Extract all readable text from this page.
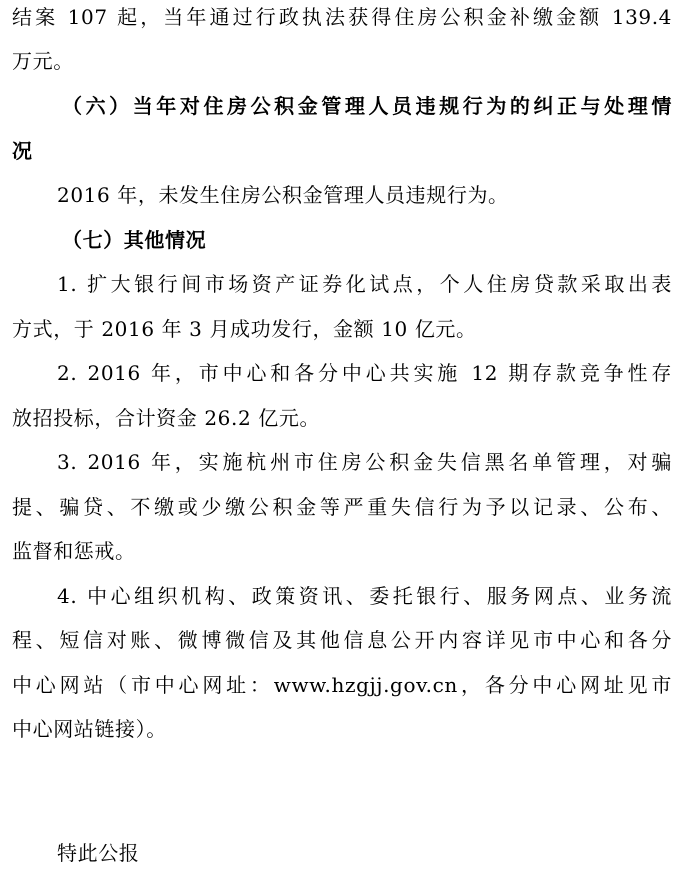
结案 107 起，当年通过行政执法获得住房公积金补缴金额 139.4
万元。
（六）当年对住房公积金管理人员违规行为的纠正与处理情
况
2016 年，未发生住房公积金管理人员违规行为。
（七）其他情况
1. 扩大银行间市场资产证券化试点，个人住房贷款采取出表
方式，于 2016 年 3 月成功发行，金额 10 亿元。
2. 2016 年，市中心和各分中心共实施 12 期存款竞争性存
放招投标，合计资金 26.2 亿元。
3. 2016 年，实施杭州市住房公积金失信黑名单管理，对骗
提、骗贷、不缴或少缴公积金等严重失信行为予以记录、公布、
监督和惩戒。
4. 中心组织机构、政策资讯、委托银行、服务网点、业务流
程、短信对账、微博微信及其他信息公开内容详见市中心和各分
中心网站（市中心网址：www.hzgjj.gov.cn，各分中心网址见市
中心网站链接）。
特此公报
